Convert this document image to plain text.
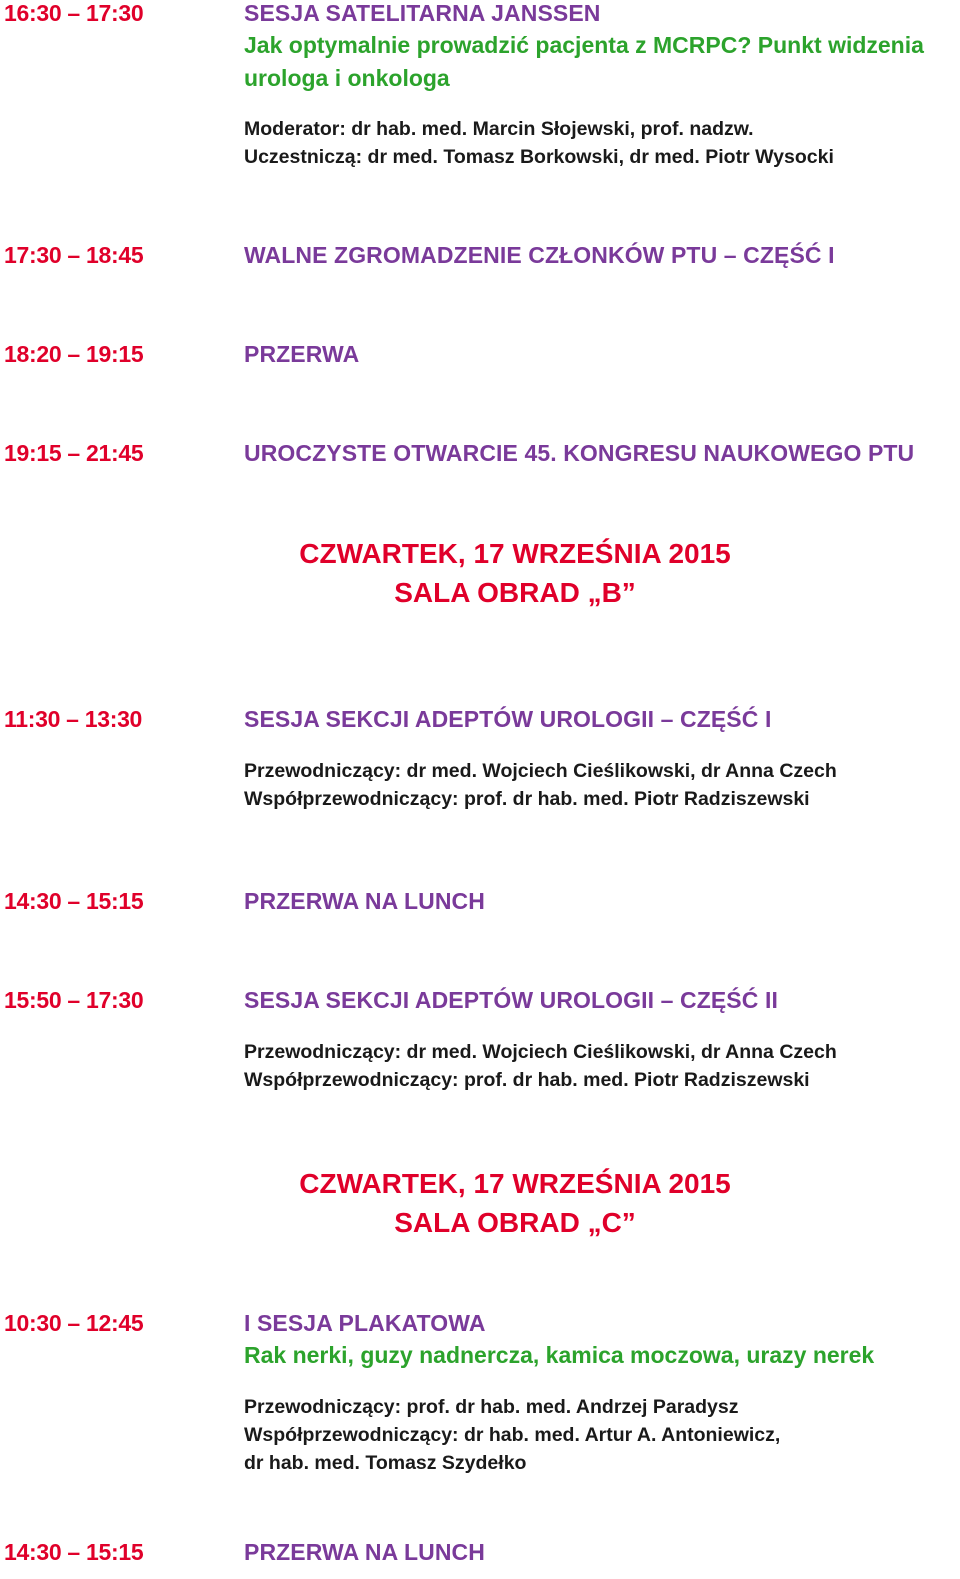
16:30 – 17:30	SESJA SATELITARNA JANSSEN
Jak optymalnie prowadzić pacjenta z MCRPC? Punkt widzenia
urologa i onkologa
Moderator: dr hab. med. Marcin Słojewski, prof. nadzw.
Uczestniczą: dr med. Tomasz Borkowski, dr med. Piotr Wysocki
17:30 – 18:45	WALNE ZGROMADZENIE CZŁONKÓW PTU – CZĘŚĆ I
18:20 – 19:15	PRZERWA
19:15 – 21:45	UROCZYSTE OTWARCIE 45. KONGRESU NAUKOWEGO PTU
CZWARTEK, 17 WRZEŚNIA 2015
SALA OBRAD „B”
11:30 – 13:30	SESJA SEKCJI ADEPTÓW UROLOGII – CZĘŚĆ I
Przewodniczący: dr med. Wojciech Cieślikowski, dr Anna Czech
Współprzewodniczący: prof. dr hab. med. Piotr Radziszewski
14:30 – 15:15	PRZERWA NA LUNCH
15:50 – 17:30	SESJA SEKCJI ADEPTÓW UROLOGII – CZĘŚĆ II
Przewodniczący: dr med. Wojciech Cieślikowski, dr Anna Czech
Współprzewodniczący: prof. dr hab. med. Piotr Radziszewski
CZWARTEK, 17 WRZEŚNIA 2015
SALA OBRAD „C”
10:30 – 12:45	I SESJA PLAKATOWA
Rak nerki, guzy nadnercza, kamica moczowa, urazy nerek
Przewodniczący: prof. dr hab. med. Andrzej Paradysz
Współprzewodniczący: dr hab. med. Artur A. Antoniewicz,
dr hab. med. Tomasz Szydełko
14:30 – 15:15	PRZERWA NA LUNCH
